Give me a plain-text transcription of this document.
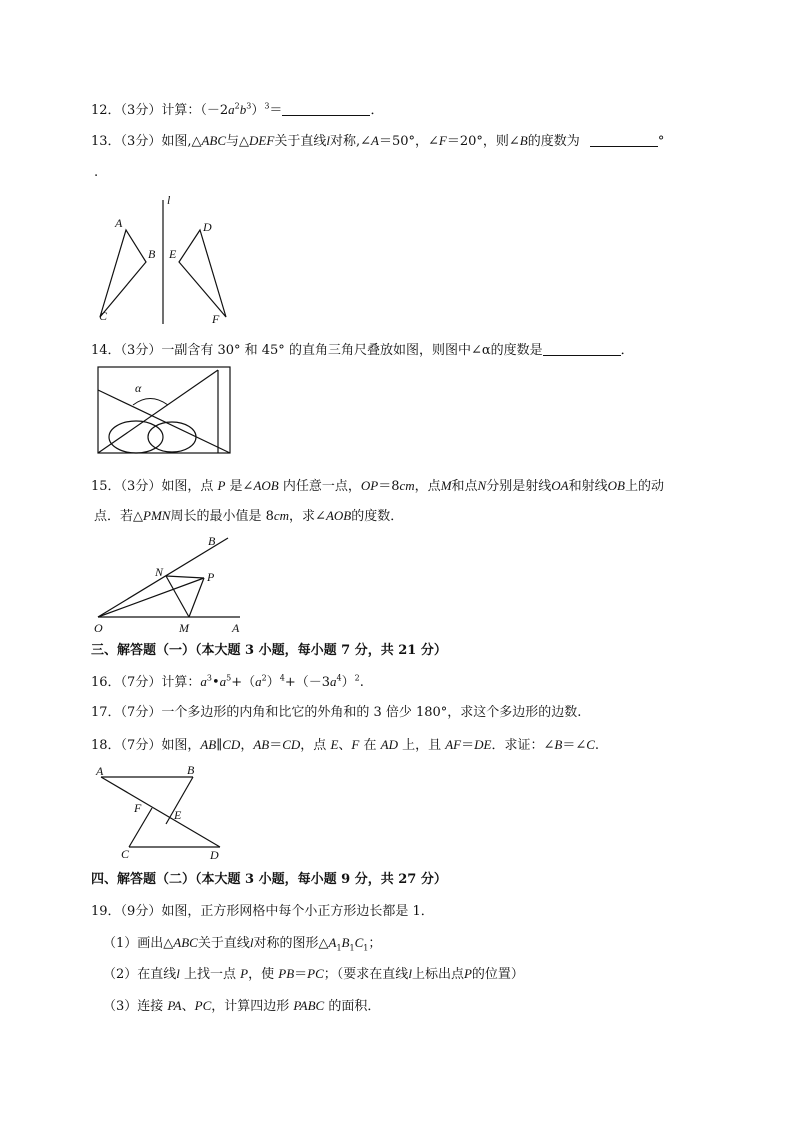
12．（3分）计算：$(-2a^2b^3)^3=$	．
13．（3分）如图,△ABC与△DEF关于直线l对称,∠A＝50°，∠F＝20°，则∠B的度数为	°
.
l
A
B
C
D
E
F
14．（3分）一副含有 30° 和 45° 的直角三角尺叠放如图，则图中∠α的度数是	．
α
15．（3分）如图，点 P 是∠AOB 内任意一点，OP＝8cm，点M和点N分别是射线OA和射线OB上的动
点．若△PMN周长的最小值是 8cm，求∠AOB的度数．
B
N	P
O	M	A
三、解答题（一）（本大题 3 小题，每小题 7 分，共 21 分）
16．（7分）计算：$a^3•a^5+(a^2)^4+(-3a^4)^2$.
17．（7分）一个多边形的内角和比它的外角和的 3 倍少 180°，求这个多边形的边数.
18．（7分）如图，AB∥CD，AB＝CD，点 E、F 在 AD 上，且 AF＝DE．求证：∠B＝∠C.
A	B
F	E
C	D
四、解答题（二）（本大题 3 小题，每小题 9 分，共 27 分）
19．（9分）如图，正方形网格中每个小正方形边长都是 1．
（1）画出△ABC关于直线l对称的图形$\triangle A_1B_1C_1$；
（2）在直线l 上找一点 P，使 PB＝PC；（要求在直线l上标出点P的位置）
（3）连接 PA、PC，计算四边形 PABC 的面积．
